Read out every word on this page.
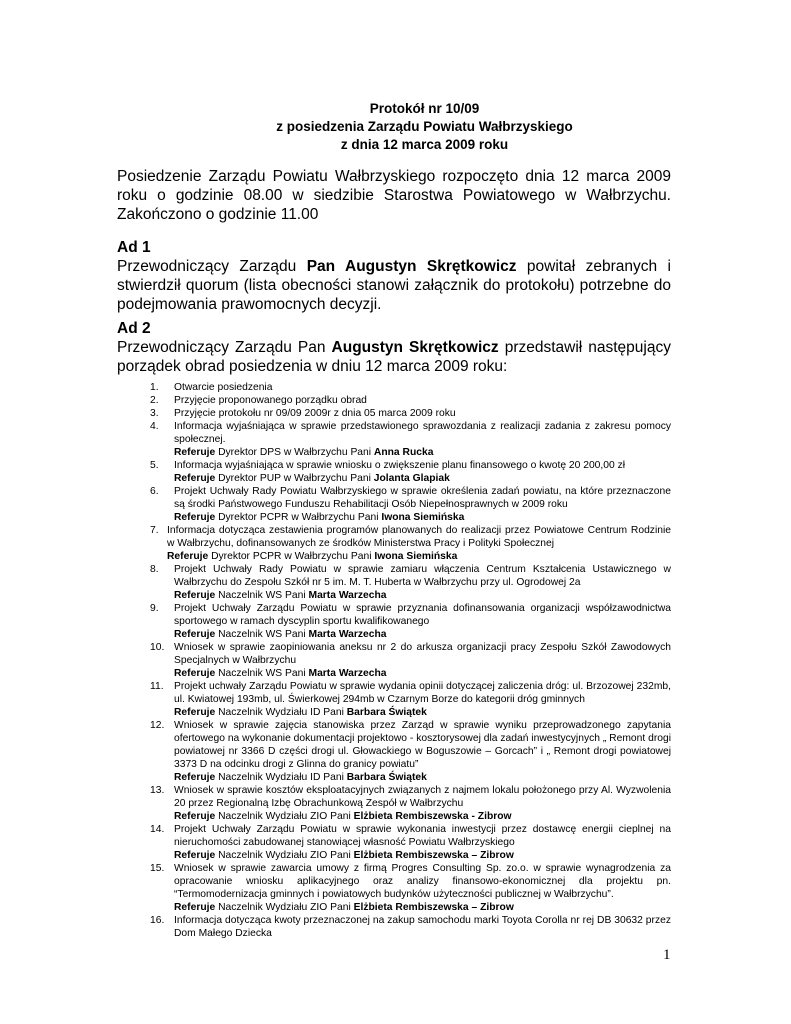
Protokół nr 10/09
z posiedzenia Zarządu Powiatu Wałbrzyskiego
z dnia 12 marca 2009 roku
Posiedzenie Zarządu Powiatu Wałbrzyskiego rozpoczęto dnia 12 marca 2009 roku o godzinie 08.00 w siedzibie Starostwa Powiatowego w Wałbrzychu. Zakończono o godzinie 11.00
Ad 1
Przewodniczący Zarządu Pan Augustyn Skrętkowicz powitał zebranych i stwierdził quorum (lista obecności stanowi załącznik do protokołu) potrzebne do podejmowania prawomocnych decyzji.
Ad 2
Przewodniczący Zarządu Pan Augustyn Skrętkowicz przedstawił następujący porządek obrad posiedzenia w dniu 12 marca 2009 roku:
1. Otwarcie posiedzenia
2. Przyjęcie proponowanego porządku obrad
3. Przyjęcie protokołu nr 09/09 2009r z dnia 05 marca 2009 roku
4. Informacja wyjaśniająca w sprawie przedstawionego sprawozdania z realizacji zadania z zakresu pomocy społecznej.
Referuje Dyrektor DPS w Wałbrzychu Pani Anna Rucka
5. Informacja wyjaśniająca w sprawie wniosku o zwiększenie planu finansowego o kwotę 20 200,00 zł
Referuje Dyrektor PUP w Wałbrzychu Pani Jolanta Glapiak
6. Projekt Uchwały Rady Powiatu Wałbrzyskiego w sprawie określenia zadań powiatu, na które przeznaczone są środki Państwowego Funduszu Rehabilitacji Osób Niepełnosprawnych w 2009 roku
Referuje Dyrektor PCPR w Wałbrzychu Pani Iwona Siemińska
7. Informacja dotycząca zestawienia programów planowanych do realizacji przez Powiatowe Centrum Rodzinie w Wałbrzychu, dofinansowanych ze środków Ministerstwa Pracy i Polityki Społecznej
Referuje Dyrektor PCPR w Wałbrzychu Pani Iwona Siemińska
8. Projekt Uchwały Rady Powiatu w sprawie zamiaru włączenia Centrum Kształcenia Ustawicznego w Wałbrzychu do Zespołu Szkół nr 5 im. M. T. Huberta w Wałbrzychu przy ul. Ogrodowej 2a
Referuje Naczelnik WS Pani Marta Warzecha
9. Projekt Uchwały Zarządu Powiatu w sprawie przyznania dofinansowania organizacji współzawodnictwa sportowego w ramach dyscyplin sportu kwalifikowanego
Referuje Naczelnik WS Pani Marta Warzecha
10. Wniosek w sprawie zaopiniowania aneksu nr 2 do arkusza organizacji pracy Zespołu Szkół Zawodowych Specjalnych w Wałbrzychu
Referuje Naczelnik WS Pani Marta Warzecha
11. Projekt uchwały Zarządu Powiatu w sprawie wydania opinii dotyczącej zaliczenia dróg: ul. Brzozowej 232mb, ul. Kwiatowej 193mb, ul. Świerkowej 294mb w Czarnym Borze do kategorii dróg gminnych
Referuje Naczelnik Wydziału ID Pani Barbara Świątek
12. Wniosek w sprawie zajęcia stanowiska przez Zarząd w sprawie wyniku przeprowadzonego zapytania ofertowego na wykonanie dokumentacji projektowo - kosztorysowej dla zadań inwestycyjnych „ Remont drogi powiatowej nr 3366 D części drogi ul. Głowackiego w Boguszowie – Gorcach” i „ Remont drogi powiatowej 3373 D na odcinku drogi z Glinna do granicy powiatu”
Referuje Naczelnik Wydziału ID Pani Barbara Świątek
13. Wniosek w sprawie kosztów eksploatacyjnych związanych z najmem lokalu położonego przy Al. Wyzwolenia 20 przez Regionalną Izbę Obrachunkową Zespół w Wałbrzychu
Referuje Naczelnik Wydziału ZIO Pani Elżbieta Rembiszewska - Zibrow
14. Projekt Uchwały Zarządu Powiatu w sprawie wykonania inwestycji przez dostawcę energii cieplnej na nieruchomości zabudowanej stanowiącej własność Powiatu Wałbrzyskiego
Referuje Naczelnik Wydziału ZIO Pani Elżbieta Rembiszewska – Zibrow
15. Wniosek w sprawie zawarcia umowy z firmą Progres Consulting Sp. zo.o. w sprawie wynagrodzenia za opracowanie wniosku aplikacyjnego oraz analizy finansowo-ekonomicznej dla projektu pn. “Termomodernizacja gminnych i powiatowych budynków użyteczności publicznej w Wałbrzychu”.
Referuje Naczelnik Wydziału ZIO Pani Elżbieta Rembiszewska – Zibrow
16. Informacja dotycząca kwoty przeznaczonej na zakup samochodu marki Toyota Corolla nr rej DB 30632 przez Dom Małego Dziecka
1
